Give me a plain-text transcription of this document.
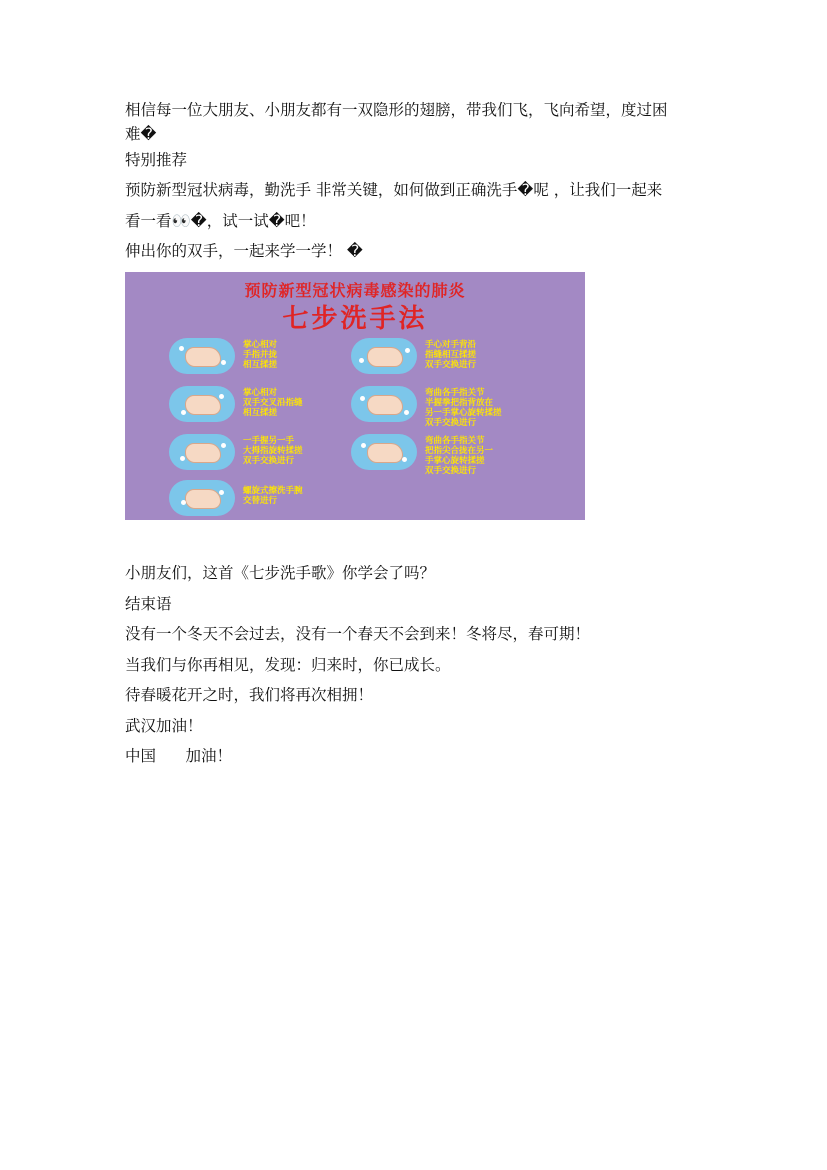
相信每一位大朋友、小朋友都有一双隐形的翅膀，带我们飞，飞向希望，度过困

难�

特别推荐

预防新型冠状病毒，勤洗手 非常关键，如何做到正确洗手�呢 ，让我们一起来

看一看👀�，试一试�吧！

伸出你的双手，一起来学一学！ �

预防新型冠状病毒感染的肺炎
七步洗手法
掌心相对
手指并拢
相互揉搓
手心对手背沿
指缝相互揉搓
双手交换进行
掌心相对
双手交叉沿指缝
相互揉搓
弯曲各手指关节
半握拳把指背放在
另一手掌心旋转揉搓
双手交换进行
一手握另一手
大拇指旋转揉搓
双手交换进行
弯曲各手指关节
把指尖合拢在另一
手掌心旋转揉搓
双手交换进行
螺旋式擦洗手腕
交替进行

小朋友们，这首《七步洗手歌》你学会了吗？

结束语

没有一个冬天不会过去，没有一个春天不会到来！冬将尽，春可期！

当我们与你再相见，发现：归来时，你已成长。

待春暖花开之时，我们将再次相拥！

武汉加油！

中国      加油！
